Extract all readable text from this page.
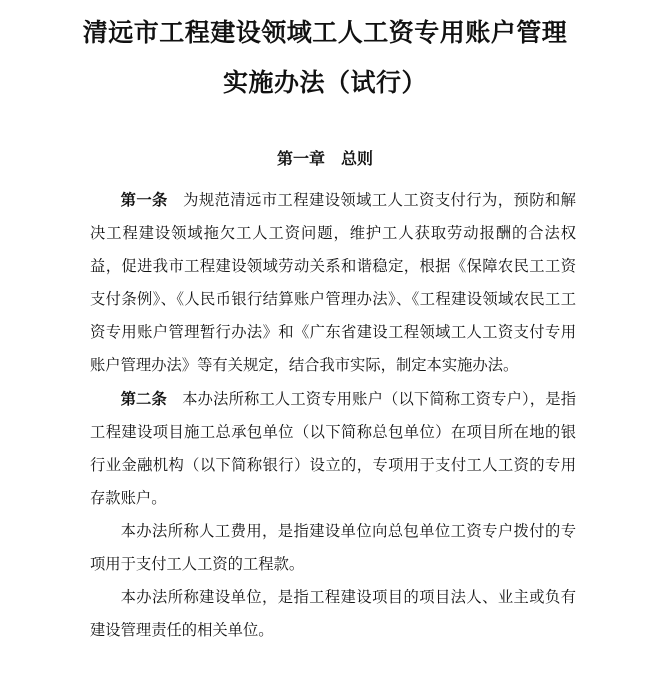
清远市工程建设领域工人工资专用账户管理
实施办法（试行）
第一章　总则

第一条 为规范清远市工程建设领域工人工资支付行为，预防和解决工程建设领域拖欠工人工资问题，维护工人获取劳动报酬的合法权益，促进我市工程建设领域劳动关系和谐稳定，根据《保障农民工工资支付条例》、《人民币银行结算账户管理办法》、《工程建设领域农民工工资专用账户管理暂行办法》和《广东省建设工程领域工人工资支付专用账户管理办法》等有关规定，结合我市实际，制定本实施办法。

第二条 本办法所称工人工资专用账户（以下简称工资专户），是指工程建设项目施工总承包单位（以下简称总包单位）在项目所在地的银行业金融机构（以下简称银行）设立的，专项用于支付工人工资的专用存款账户。

本办法所称人工费用，是指建设单位向总包单位工资专户拨付的专项用于支付工人工资的工程款。

本办法所称建设单位，是指工程建设项目的项目法人、业主或负有建设管理责任的相关单位。
